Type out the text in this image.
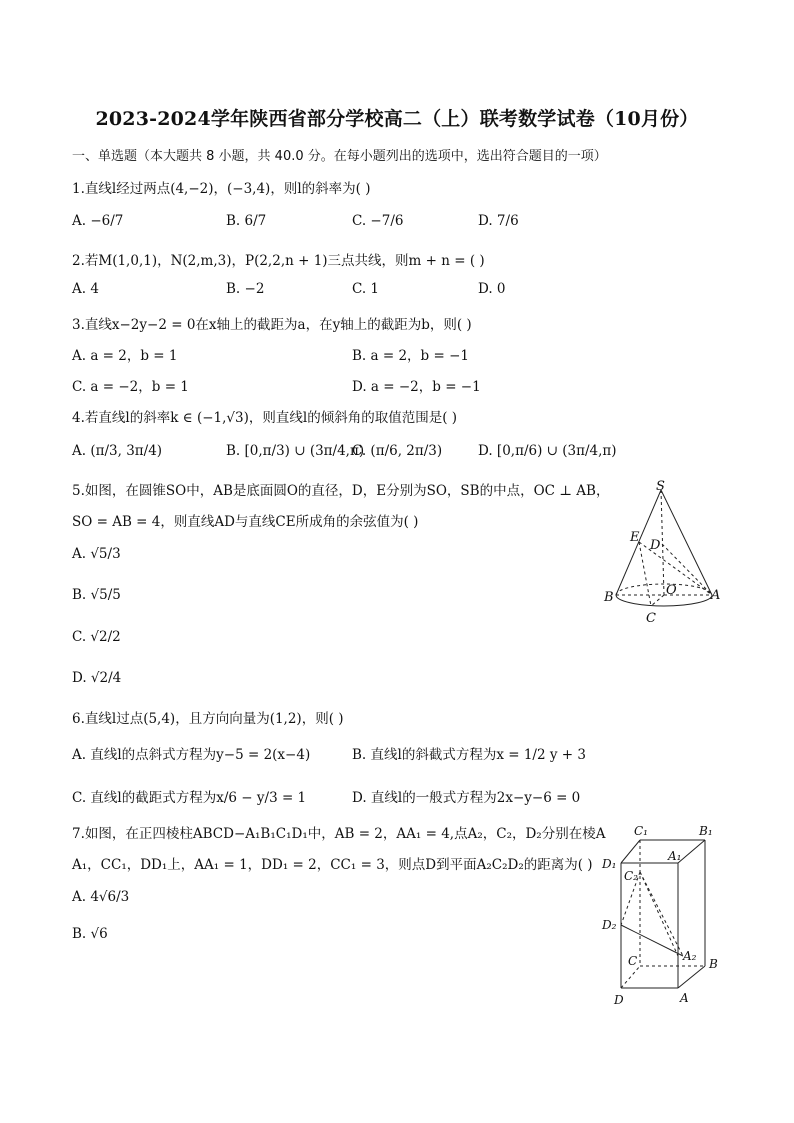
2023-2024学年陕西省部分学校高二（上）联考数学试卷（10月份）
一、单选题（本大题共 8 小题，共 40.0 分。在每小题列出的选项中，选出符合题目的一项）
1.直线l经过两点(4,−2)，(−3,4)，则l的斜率为( )
A. −6/7	B. 6/7	C. −7/6	D. 7/6
2.若M(1,0,1)，N(2,m,3)，P(2,2,n + 1)三点共线，则m + n = ( )
A. 4	B. −2	C. 1	D. 0
3.直线x−2y−2 = 0在x轴上的截距为a，在y轴上的截距为b，则( )
A. a = 2，b = 1	B. a = 2，b = −1
C. a = −2，b = 1	D. a = −2，b = −1
4.若直线l的斜率k ∈ (−1,√3)，则直线l的倾斜角的取值范围是( )
A. (π/3, 3π/4)	B. [0,π/3) ∪ (3π/4,π)
C. (π/6, 2π/3)	D. [0,π/6) ∪ (3π/4,π)
5.如图，在圆锥SO中，AB是底面圆O的直径，D，E分别为SO，SB的中点，OC ⊥ AB，
SO = AB = 4，则直线AD与直线CE所成角的余弦值为( )
A. √5/3
B. √5/5
C. √2/2
D. √2/4
S
E
D
O
B	A
C
6.直线l过点(5,4)，且方向向量为(1,2)，则( )
A. 直线l的点斜式方程为y−5 = 2(x−4)	B. 直线l的斜截式方程为x = 1/2 y + 3
C. 直线l的截距式方程为x/6 − y/3 = 1	D. 直线l的一般式方程为2x−y−6 = 0
7.如图，在正四棱柱ABCD−A₁B₁C₁D₁中，AB = 2，AA₁ = 4,点A₂，C₂，D₂分别在棱A
A₁，CC₁，DD₁上，AA₁ = 1，DD₁ = 2，CC₁ = 3，则点D到平面A₂C₂D₂的距离为( )
A. 4√6/3
B. √6
C₁	B₁
A₁
D₁
C₂
D₂
C	A₂
B
D	A
